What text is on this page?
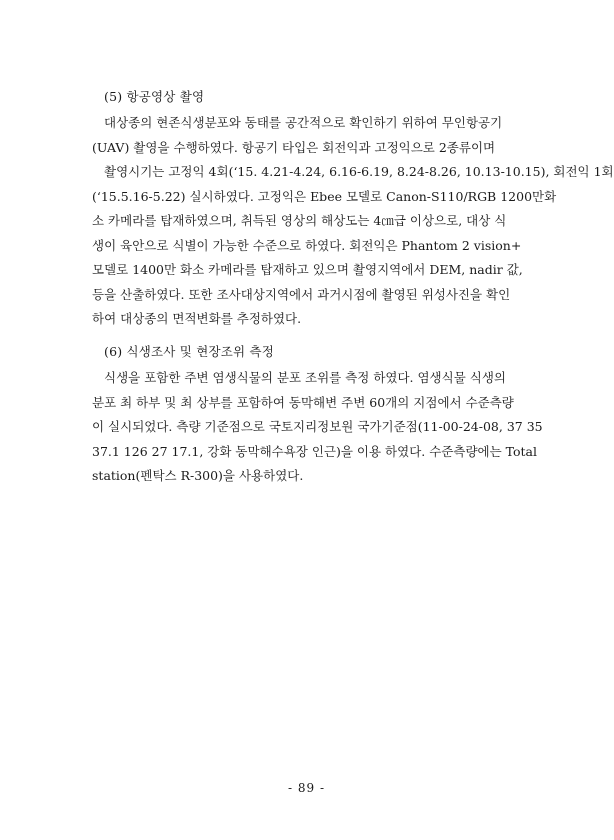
(5) 항공영상 촬영
대상종의 현존식생분포와 동태를 공간적으로 확인하기 위하여 무인항공기
(UAV) 촬영을 수행하였다. 항공기 타입은 회전익과 고정익으로 2종류이며
촬영시기는 고정익 4회(‘15. 4.21-4.24, 6.16-6.19, 8.24-8.26, 10.13-10.15), 회전익 1회
(‘15.5.16-5.22) 실시하였다. 고정익은 Ebee 모델로 Canon-S110/RGB 1200만화
소 카메라를 탑재하였으며, 취득된 영상의 해상도는 4㎝급 이상으로, 대상 식
생이 육안으로 식별이 가능한 수준으로 하였다. 회전익은 Phantom 2 vision+
모델로 1400만 화소 카메라를 탑재하고 있으며 촬영지역에서 DEM, nadir 값,
등을 산출하였다. 또한 조사대상지역에서 과거시점에 촬영된 위성사진을 확인
하여 대상종의 면적변화를 추정하였다.
(6) 식생조사 및 현장조위 측정
식생을 포함한 주변 염생식물의 분포 조위를 측정 하였다. 염생식물 식생의
분포 최 하부 및 최 상부를 포함하여 동막해변 주변 60개의 지점에서 수준측량
이 실시되었다. 측량 기준점으로 국토지리정보원 국가기준점(11-00-24-08, 37 35
37.1 126 27 17.1, 강화 동막해수욕장 인근)을 이용 하였다. 수준측량에는 Total
station(펜탁스 R-300)을 사용하였다.
- 89 -
